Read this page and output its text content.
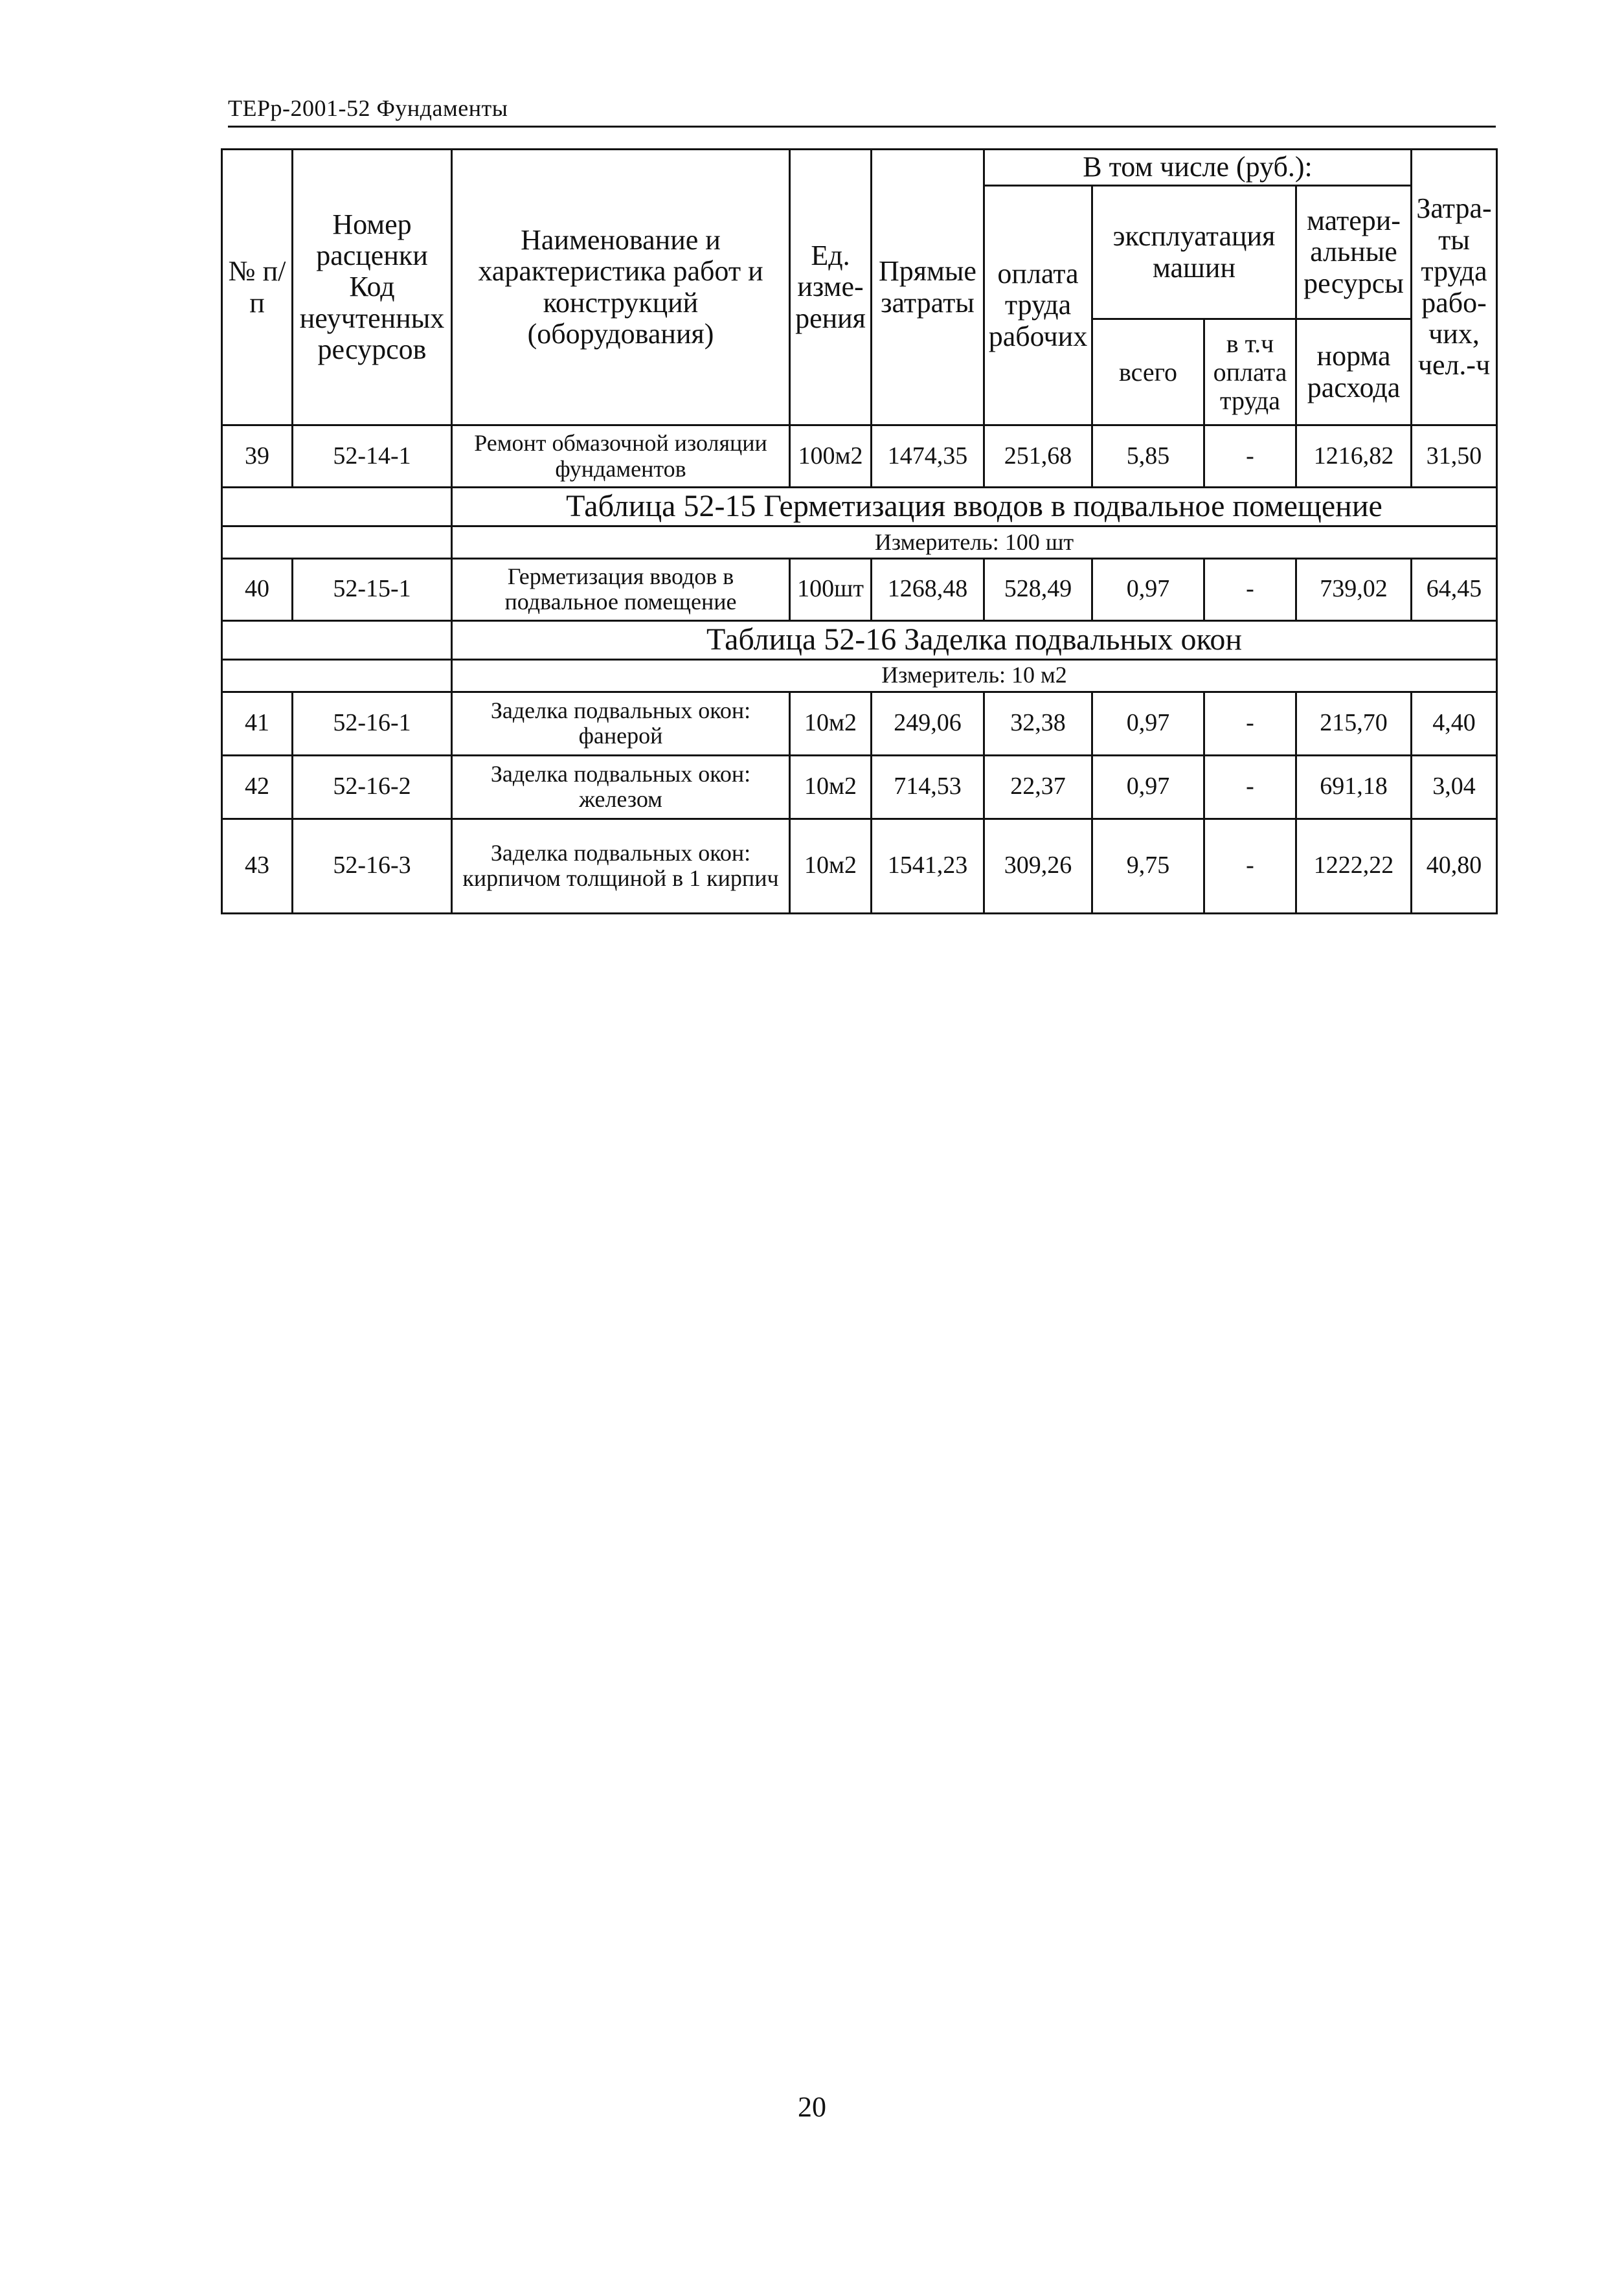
ТЕРр-2001-52 Фундаменты
№ п/п	Номер расценки Код неучтенных ресурсов	Наименование и характеристика работ и конструкций (оборудования)	Ед. изме-рения	Прямые затраты	В том числе (руб.):				Затра-ты труда рабо-чих, чел.-ч
					оплата труда рабочих	эксплуатация машин		матери-альные ресурсы	
						всего	в т.ч оплата труда	норма расхода	
39	52-14-1	Ремонт обмазочной изоляции фундаментов	100м2	1474,35	251,68	5,85	-	1216,82	31,50
		Таблица 52-15 Герметизация вводов в подвальное помещение							
		Измеритель: 100 шт							
40	52-15-1	Герметизация вводов в подвальное помещение	100шт	1268,48	528,49	0,97	-	739,02	64,45
		Таблица 52-16 Заделка подвальных окон							
		Измеритель: 10 м2							
41	52-16-1	Заделка подвальных окон: фанерой	10м2	249,06	32,38	0,97	-	215,70	4,40
42	52-16-2	Заделка подвальных окон: железом	10м2	714,53	22,37	0,97	-	691,18	3,04
43	52-16-3	Заделка подвальных окон: кирпичом толщиной в 1 кирпич	10м2	1541,23	309,26	9,75	-	1222,22	40,80
20
